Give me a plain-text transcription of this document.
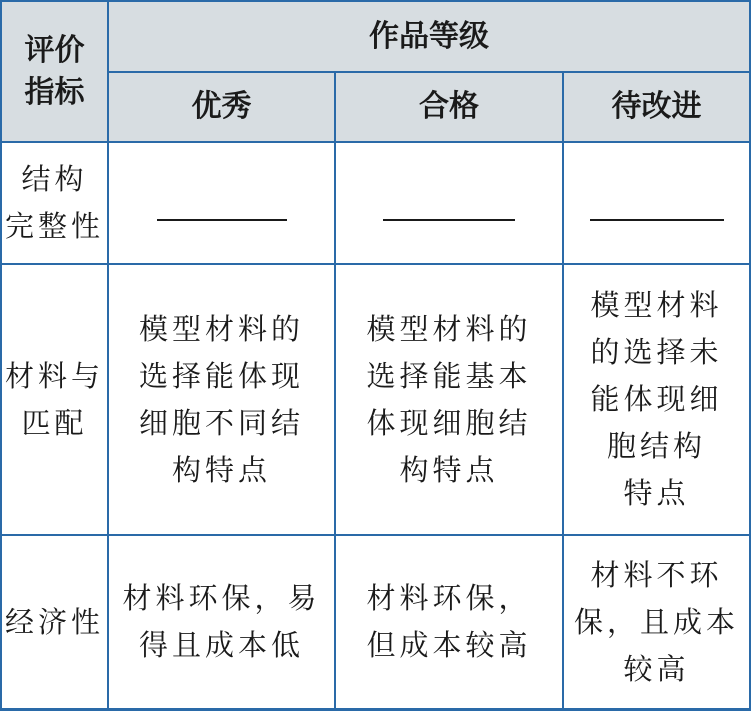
评价
指标
作品等级
优秀	合格	待改进
结构
完整性
材料与
匹配
模型材料的
选择能体现
细胞不同结
构特点
模型材料的
选择能基本
体现细胞结
构特点
模型材料
的选择未
能体现细
胞结构
特点
经济性
材料环保，易
得且成本低
材料环保，
但成本较高
材料不环
保，且成本
较高
